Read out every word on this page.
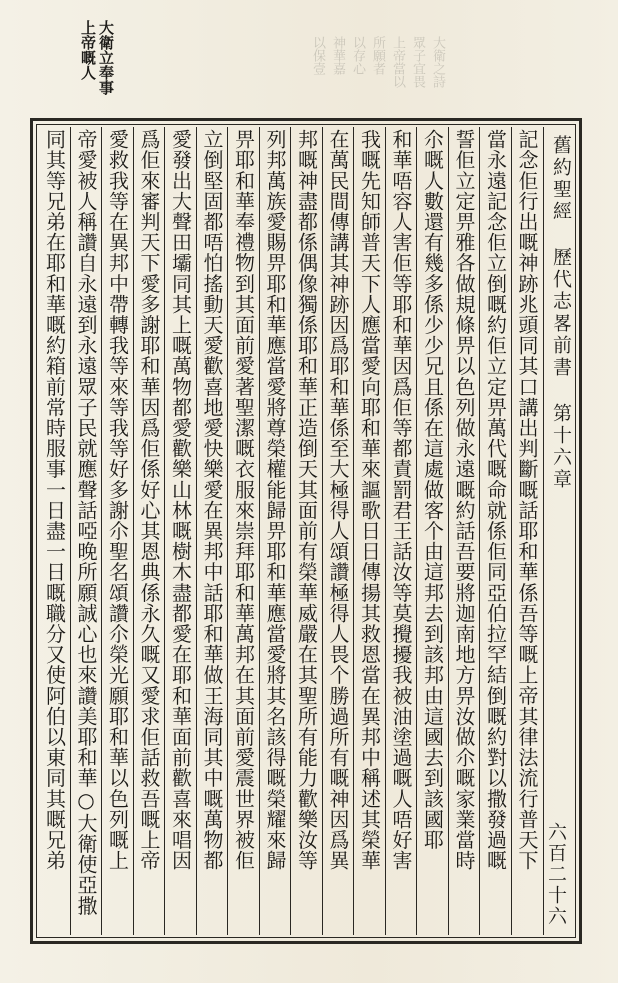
大衛之詩
眾子宜畏
上帝當以
所願者
以存心
神華嘉
以保壹
大衛立奉事
上帝嘅人
舊約聖經歷代志畧前書第十六章
六百二十六
記念佢行出嘅神跡兆頭同其口講出判斷嘅話耶和華係吾等嘅上帝其律法流行普天下
當永遠記念佢立倒嘅約佢立定畀萬代嘅命就係佢同亞伯拉罕結倒嘅約對以撒發過嘅
誓佢立定畀雅各做規條畀以色列做永遠嘅約話吾要將迦南地方畀汝做尒嘅家業當時
尒嘅人數還有幾多係少少兄且係在這處做客个由這邦去到該邦由這國去到該國耶
和華唔容人害佢等耶和華因爲佢等都責罰君王話汝等莫攪擾我被油塗過嘅人唔好害
我嘅先知師普天下人應當愛向耶和華來謳歌日日傳揚其救恩當在異邦中稱述其榮華
在萬民間傳講其神跡因爲耶和華係至大極得人頌讚極得人畏个勝過所有嘅神因爲異
邦嘅神盡都係偶像獨係耶和華正造倒天其面前有榮華威嚴在其聖所有能力歡樂汝等
列邦萬族愛賜畀耶和華應當愛將尊榮權能歸畀耶和華應當愛將其名該得嘅榮耀來歸
畀耶和華奉禮物到其面前愛著聖潔嘅衣服來崇拜耶和華萬邦在其面前愛震世界被佢
立倒堅固都唔怕搖動天愛歡喜地愛快樂愛在異邦中話耶和華做王海同其中嘅萬物都
愛發出大聲田壩同其上嘅萬物都愛歡樂山林嘅樹木盡都愛在耶和華面前歡喜來唱因
爲佢來審判天下愛多謝耶和華因爲佢係好心其恩典係永久嘅又愛求佢話救吾嘅上帝
愛救我等在異邦中帶轉我等來等我等好多謝尒聖名頌讚尒榮光願耶和華以色列嘅上
帝愛被人稱讚自永遠到永遠眾子民就應聲話啞晚所願誠心也來讚美耶和華○大衛使亞撒
同其等兄弟在耶和華嘅約箱前常時服事一日盡一日嘅職分又使阿伯以東同其嘅兄弟
